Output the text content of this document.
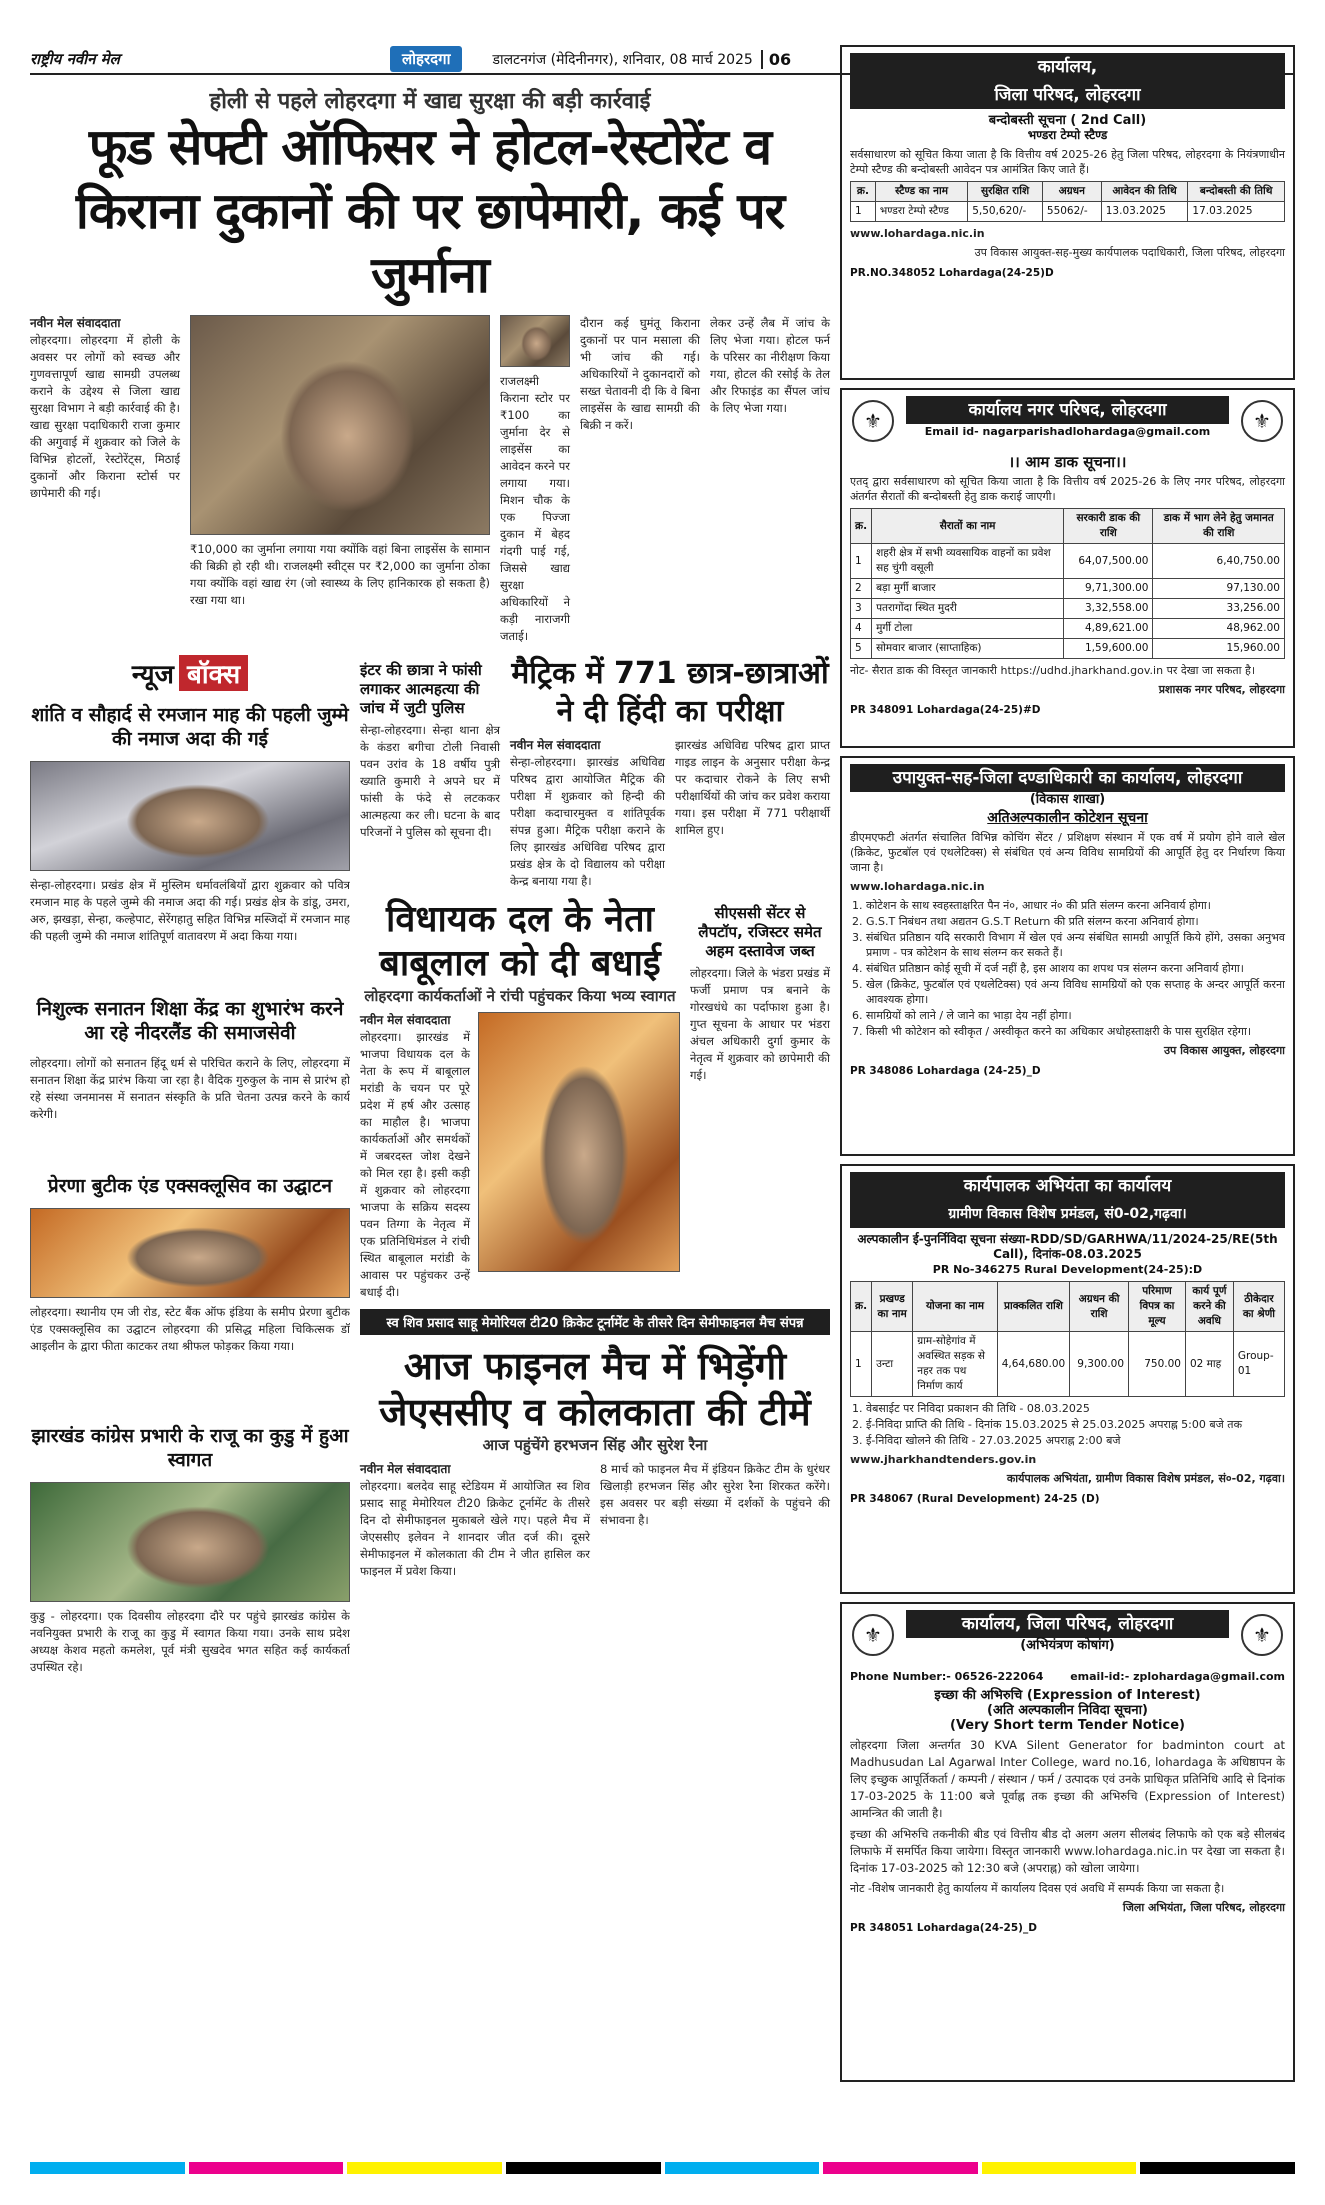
राष्ट्रीय नवीन मेल	लोहरदगा	डालटनगंज (मेदिनीनगर), शनिवार, 08 मार्च 2025	06
होली से पहले लोहरदगा में खाद्य सुरक्षा की बड़ी कार्रवाई
फूड सेफ्टी ऑफिसर ने होटल-रेस्टोरेंट व
किराना दुकानों की पर छापेमारी, कई पर जुर्माना
नवीन मेल संवाददाता

लोहरदगा। लोहरदगा में होली के अवसर पर लोगों को स्वच्छ और गुणवत्तापूर्ण खाद्य सामग्री उपलब्ध कराने के उद्देश्य से जिला खाद्य सुरक्षा विभाग ने बड़ी कार्रवाई की है। खाद्य सुरक्षा पदाधिकारी राजा कुमार की अगुवाई में शुक्रवार को जिले के विभिन्न होटलों, रेस्टोरेंट्स, मिठाई दुकानों और किराना स्टोर्स पर छापेमारी की गई।

₹10,000 का जुर्माना लगाया गया क्योंकि वहां बिना लाइसेंस के सामान की बिक्री हो रही थी। राजलक्ष्मी स्वीट्स पर ₹2,000 का जुर्माना ठोका गया क्योंकि वहां खाद्य रंग (जो स्वास्थ्य के लिए हानिकारक हो सकता है) रखा गया था।

राजलक्ष्मी किराना स्टोर पर ₹100 का जुर्माना देर से लाइसेंस का आवेदन करने पर लगाया गया। मिशन चौक के एक पिज्जा दुकान में बेहद गंदगी पाई गई, जिससे खाद्य सुरक्षा अधिकारियों ने कड़ी नाराजगी जताई।

दौरान कई घुमंतू किराना दुकानों पर पान मसाला की भी जांच की गई। अधिकारियों ने दुकानदारों को सख्त चेतावनी दी कि वे बिना लाइसेंस के खाद्य सामग्री की बिक्री न करें।

लेकर उन्हें लैब में जांच के लिए भेजा गया। होटल फर्न के परिसर का नीरीक्षण किया गया, होटल की रसोई के तेल और रिफाइंड का सैंपल जांच के लिए भेजा गया।

न्यूज बॉक्स
शांति व सौहार्द से रमजान माह की पहली जुम्मे की नमाज अदा की गई

सेन्हा-लोहरदगा। प्रखंड क्षेत्र में मुस्लिम धर्मावलंबियों द्वारा शुक्रवार को पवित्र रमजान माह के पहले जुम्मे की नमाज अदा की गई। प्रखंड क्षेत्र के डांडू, उमरा, अरु, झखड़ा, सेन्हा, कल्हेपाट, सेरेंगहातु सहित विभिन्न मस्जिदों में रमजान माह की पहली जुम्मे की नमाज शांतिपूर्ण वातावरण में अदा किया गया।

निशुल्क सनातन शिक्षा केंद्र का शुभारंभ करने आ रहे नीदरलैंड की समाजसेवी

लोहरदगा। लोगों को सनातन हिंदू धर्म से परिचित कराने के लिए, लोहरदगा में सनातन शिक्षा केंद्र प्रारंभ किया जा रहा है। वैदिक गुरुकुल के नाम से प्रारंभ हो रहे संस्था जनमानस में सनातन संस्कृति के प्रति चेतना उत्पन्न करने के कार्य करेगी।

प्रेरणा बुटीक एंड एक्सक्लूसिव का उद्घाटन

लोहरदगा। स्थानीय एम जी रोड, स्टेट बैंक ऑफ इंडिया के समीप प्रेरणा बुटीक एंड एक्सक्लूसिव का उद्घाटन लोहरदगा की प्रसिद्ध महिला चिकित्सक डॉ आइलीन के द्वारा फीता काटकर तथा श्रीफल फोड़कर किया गया।

झारखंड कांग्रेस प्रभारी के राजू का कुडु में हुआ स्वागत

कुडु - लोहरदगा। एक दिवसीय लोहरदगा दौरे पर पहुंचे झारखंड कांग्रेस के नवनियुक्त प्रभारी के राजू का कुडु में स्वागत किया गया। उनके साथ प्रदेश अध्यक्ष केशव महतो कमलेश, पूर्व मंत्री सुखदेव भगत सहित कई कार्यकर्ता उपस्थित रहे।

इंटर की छात्रा ने फांसी लगाकर आत्महत्या की जांच में जुटी पुलिस

सेन्हा-लोहरदगा। सेन्हा थाना क्षेत्र के कंडरा बगीचा टोली निवासी पवन उरांव के 18 वर्षीय पुत्री ख्याति कुमारी ने अपने घर में फांसी के फंदे से लटककर आत्महत्या कर ली। घटना के बाद परिजनों ने पुलिस को सूचना दी।

मैट्रिक में 771 छात्र-छात्राओं ने दी हिंदी का परीक्षा
नवीन मेल संवाददाता

सेन्हा-लोहरदगा। झारखंड अधिविद्य परिषद द्वारा आयोजित मैट्रिक की परीक्षा में शुक्रवार को हिन्दी की परीक्षा कदाचारमुक्त व शांतिपूर्वक संपन्न हुआ। मैट्रिक परीक्षा कराने के लिए झारखंड अधिविद्य परिषद द्वारा प्रखंड क्षेत्र के दो विद्यालय को परीक्षा केन्द्र बनाया गया है।

झारखंड अधिविद्य परिषद द्वारा प्राप्त गाइड लाइन के अनुसार परीक्षा केन्द्र पर कदाचार रोकने के लिए सभी परीक्षार्थियों की जांच कर प्रवेश कराया गया। इस परीक्षा में 771 परीक्षार्थी शामिल हुए।

विधायक दल के नेता बाबूलाल को दी बधाई
लोहरदगा कार्यकर्ताओं ने रांची पहुंचकर किया भव्य स्वागत
नवीन मेल संवाददाता

लोहरदगा। झारखंड में भाजपा विधायक दल के नेता के रूप में बाबूलाल मरांडी के चयन पर पूरे प्रदेश में हर्ष और उत्साह का माहौल है। भाजपा कार्यकर्ताओं और समर्थकों में जबरदस्त जोश देखने को मिल रहा है। इसी कड़ी में शुक्रवार को लोहरदगा भाजपा के सक्रिय सदस्य पवन तिग्गा के नेतृत्व में एक प्रतिनिधिमंडल ने रांची स्थित बाबूलाल मरांडी के आवास पर पहुंचकर उन्हें बधाई दी।

सीएससी सेंटर से लैपटॉप, रजिस्टर समेत अहम दस्तावेज जब्त

लोहरदगा। जिले के भंडरा प्रखंड में फर्जी प्रमाण पत्र बनाने के गोरखधंधे का पर्दाफाश हुआ है। गुप्त सूचना के आधार पर भंडरा अंचल अधिकारी दुर्गा कुमार के नेतृत्व में शुक्रवार को छापेमारी की गई।

स्व शिव प्रसाद साहू मेमोरियल टी20 क्रिकेट टूर्नामेंट के तीसरे दिन सेमीफाइनल मैच संपन्न
आज फाइनल मैच में भिड़ेंगी
जेएससीए व कोलकाता की टीमें
आज पहुंचेंगे हरभजन सिंह और सुरेश रैना
नवीन मेल संवाददाता

लोहरदगा। बलदेव साहू स्टेडियम में आयोजित स्व शिव प्रसाद साहू मेमोरियल टी20 क्रिकेट टूर्नामेंट के तीसरे दिन दो सेमीफाइनल मुकाबले खेले गए। पहले मैच में जेएससीए इलेवन ने शानदार जीत दर्ज की। दूसरे सेमीफाइनल में कोलकाता की टीम ने जीत हासिल कर फाइनल में प्रवेश किया।

8 मार्च को फाइनल मैच में इंडियन क्रिकेट टीम के धुरंधर खिलाड़ी हरभजन सिंह और सुरेश रैना शिरकत करेंगे। इस अवसर पर बड़ी संख्या में दर्शकों के पहुंचने की संभावना है।

कार्यालय,
जिला परिषद, लोहरदगा
बन्दोबस्ती सूचना ( 2nd Call)
भण्डरा टेम्पो स्टैण्ड
सर्वसाधारण को सूचित किया जाता है कि वित्तीय वर्ष 2025-26 हेतु जिला परिषद, लोहरदगा के नियंत्रणाधीन टेम्पो स्टैण्ड की बन्दोबस्ती आवेदन पत्र आमंत्रित किए जाते हैं।
क्र.	स्टैण्ड का नाम	सुरक्षित राशि	अग्रधन	आवेदन की तिथि	बन्दोबस्ती की तिथि
1	भण्डरा टेम्पो स्टैण्ड	5,50,620/-	55062/-	13.03.2025	17.03.2025
www.lohardaga.nic.in
उप विकास आयुक्त-सह-मुख्य कार्यपालक पदाधिकारी, जिला परिषद, लोहरदगा
PR.NO.348052 Lohardaga(24-25)D
⚜	⚜
कार्यालय नगर परिषद, लोहरदगा
Email id- nagarparishadlohardaga@gmail.com
।। आम डाक सूचना।।
एतद् द्वारा सर्वसाधारण को सूचित किया जाता है कि वित्तीय वर्ष 2025-26 के लिए नगर परिषद, लोहरदगा अंतर्गत सैरातों की बन्दोबस्ती हेतु डाक कराई जाएगी।
क्र.	सैरातों का नाम	सरकारी डाक की राशि	डाक में भाग लेने हेतु जमानत की राशि
1	शहरी क्षेत्र में सभी व्यवसायिक वाहनों का प्रवेश सह चुंगी वसूली	64,07,500.00	6,40,750.00
2	बड़ा मुर्गी बाजार	9,71,300.00	97,130.00
3	पतरागोंदा स्थित मुदरी	3,32,558.00	33,256.00
4	मुर्गी टोला	4,89,621.00	48,962.00
5	सोमवार बाजार (साप्ताहिक)	1,59,600.00	15,960.00
नोट- सैरात डाक की विस्तृत जानकारी https://udhd.jharkhand.gov.in पर देखा जा सकता है।
प्रशासक नगर परिषद, लोहरदगा
PR 348091 Lohardaga(24-25)#D
उपायुक्त-सह-जिला दण्डाधिकारी का कार्यालय, लोहरदगा
(विकास शाखा)
अतिअल्पकालीन कोटेशन सूचना
डीएमएफटी अंतर्गत संचालित विभिन्न कोचिंग सेंटर / प्रशिक्षण संस्थान में एक वर्ष में प्रयोग होने वाले खेल (क्रिकेट, फुटबॉल एवं एथलेटिक्स) से संबंधित एवं अन्य विविध सामग्रियों की आपूर्ति हेतु दर निर्धारण किया जाना है।
www.lohardaga.nic.in
1. कोटेशन के साथ स्वहस्ताक्षरित पैन नं०, आधार नं० की प्रति संलग्न करना अनिवार्य होगा।
2. G.S.T निबंधन तथा अद्यतन G.S.T Return की प्रति संलग्न करना अनिवार्य होगा।
3. संबंधित प्रतिष्ठान यदि सरकारी विभाग में खेल एवं अन्य संबंधित सामग्री आपूर्ति किये होंगे, उसका अनुभव प्रमाण - पत्र कोटेशन के साथ संलग्न कर सकते हैं।
4. संबंधित प्रतिष्ठान कोई सूची में दर्ज नहीं है, इस आशय का शपथ पत्र संलग्न करना अनिवार्य होगा।
5. खेल (क्रिकेट, फुटबॉल एवं एथलेटिक्स) एवं अन्य विविध सामग्रियों को एक सप्ताह के अन्दर आपूर्ति करना आवश्यक होगा।
6. सामग्रियों को लाने / ले जाने का भाड़ा देय नहीं होगा।
7. किसी भी कोटेशन को स्वीकृत / अस्वीकृत करने का अधिकार अधोहस्ताक्षरी के पास सुरक्षित रहेगा।
उप विकास आयुक्त, लोहरदगा
PR 348086 Lohardaga (24-25)_D
कार्यपालक अभियंता का कार्यालय
ग्रामीण विकास विशेष प्रमंडल, सं0-02,गढ़वा।
अल्पकालीन ई-पुनर्निविदा सूचना संख्या-RDD/SD/GARHWA/11/2024-25/RE(5th Call), दिनांक-08.03.2025
PR No-346275 Rural Development(24-25):D
क्र.	प्रखण्ड का नाम	योजना का नाम	प्राक्कलित राशि	अग्रधन की राशि	परिमाण विपत्र का मूल्य	कार्य पूर्ण करने की अवधि	ठीकेदार का श्रेणी
1	उन्टा	ग्राम-सोहेगांव में अवस्थित सड़क से नहर तक पथ निर्माण कार्य	4,64,680.00	9,300.00	750.00	02 माह	Group-01
1. वेबसाईट पर निविदा प्रकाशन की तिथि - 08.03.2025
2. ई-निविदा प्राप्ति की तिथि - दिनांक 15.03.2025 से 25.03.2025 अपराह्न 5:00 बजे तक
3. ई-निविदा खोलने की तिथि - 27.03.2025 अपराह्न 2:00 बजे
www.jharkhandtenders.gov.in
कार्यपालक अभियंता, ग्रामीण विकास विशेष प्रमंडल, सं०-02, गढ़वा।
PR 348067 (Rural Development) 24-25 (D)
⚜	⚜
कार्यालय, जिला परिषद, लोहरदगा
(अभियंत्रण कोषांग)
Phone Number:- 06526-222064 email-id:- zplohardaga@gmail.com
इच्छा की अभिरुचि (Expression of Interest)
(अति अल्पकालीन निविदा सूचना)
(Very Short term Tender Notice)
लोहरदगा जिला अन्तर्गत 30 KVA Silent Generator for badminton court at Madhusudan Lal Agarwal Inter College, ward no.16, lohardaga के अधिष्ठापन के लिए इच्छुक आपूर्तिकर्ता / कम्पनी / संस्थान / फर्म / उत्पादक एवं उनके प्राधिकृत प्रतिनिधि आदि से दिनांक 17-03-2025 के 11:00 बजे पूर्वाह्न तक इच्छा की अभिरुचि (Expression of Interest) आमन्त्रित की जाती है।
इच्छा की अभिरुचि तकनीकी बीड एवं वित्तीय बीड दो अलग अलग सीलबंद लिफाफे को एक बड़े सीलबंद लिफाफे में समर्पित किया जायेगा। विस्तृत जानकारी www.lohardaga.nic.in पर देखा जा सकता है। दिनांक 17-03-2025 को 12:30 बजे (अपराह्न) को खोला जायेगा।
नोट -विशेष जानकारी हेतु कार्यालय में कार्यालय दिवस एवं अवधि में सम्पर्क किया जा सकता है।
जिला अभियंता, जिला परिषद, लोहरदगा
PR 348051 Lohardaga(24-25)_D
